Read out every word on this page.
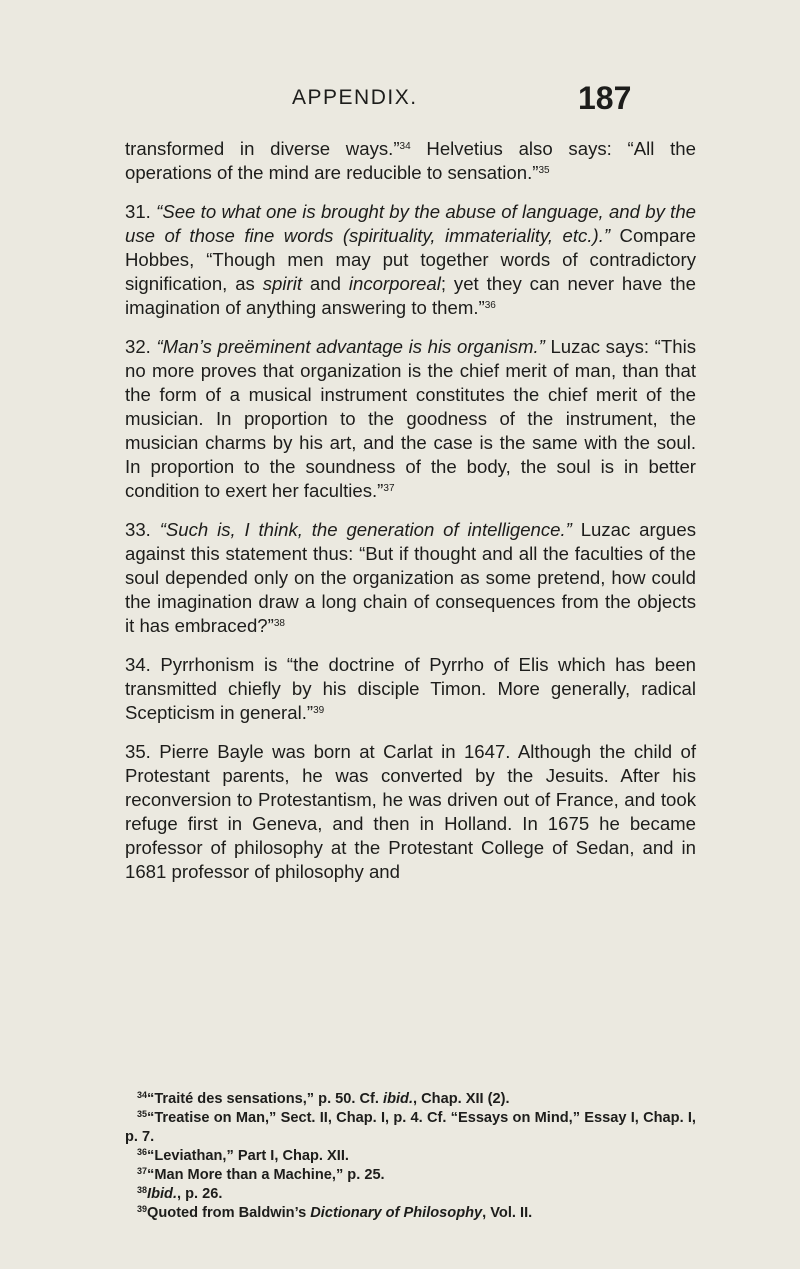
APPENDIX.	187

transformed in diverse ways.”$^{34}$ Helvetius also says: “All the operations of the mind are reducible to sensation.”$^{35}$

31. “See to what one is brought by the abuse of language, and by the use of those fine words (spirituality, immateriality, etc.).” Compare Hobbes, “Though men may put together words of contradictory signification, as spirit and incorporeal; yet they can never have the imagination of anything answering to them.”$^{36}$

32. “Man’s preëminent advantage is his organism.” Luzac says: “This no more proves that organization is the chief merit of man, than that the form of a musical instrument constitutes the chief merit of the musician. In proportion to the goodness of the instrument, the musician charms by his art, and the case is the same with the soul. In proportion to the soundness of the body, the soul is in better condition to exert her faculties.”$^{37}$

33. “Such is, I think, the generation of intelligence.” Luzac argues against this statement thus: “But if thought and all the faculties of the soul depended only on the organization as some pretend, how could the imagination draw a long chain of consequences from the objects it has embraced?”$^{38}$

34. Pyrrhonism is “the doctrine of Pyrrho of Elis which has been transmitted chiefly by his disciple Timon. More generally, radical Scepticism in general.”$^{39}$

35. Pierre Bayle was born at Carlat in 1647. Although the child of Protestant parents, he was converted by the Jesuits. After his reconversion to Protestantism, he was driven out of France, and took refuge first in Geneva, and then in Holland. In 1675 he became professor of philosophy at the Protestant College of Sedan, and in 1681 professor of philosophy and

$^{34}$“Traité des sensations,” p. 50. Cf. ibid., Chap. XII (2).

$^{35}$“Treatise on Man,” Sect. II, Chap. I, p. 4. Cf. “Essays on Mind,” Essay I, Chap. I, p. 7.

$^{36}$“Leviathan,” Part I, Chap. XII.

$^{37}$“Man More than a Machine,” p. 25.

$^{38}$Ibid., p. 26.

$^{39}$Quoted from Baldwin’s Dictionary of Philosophy, Vol. II.
